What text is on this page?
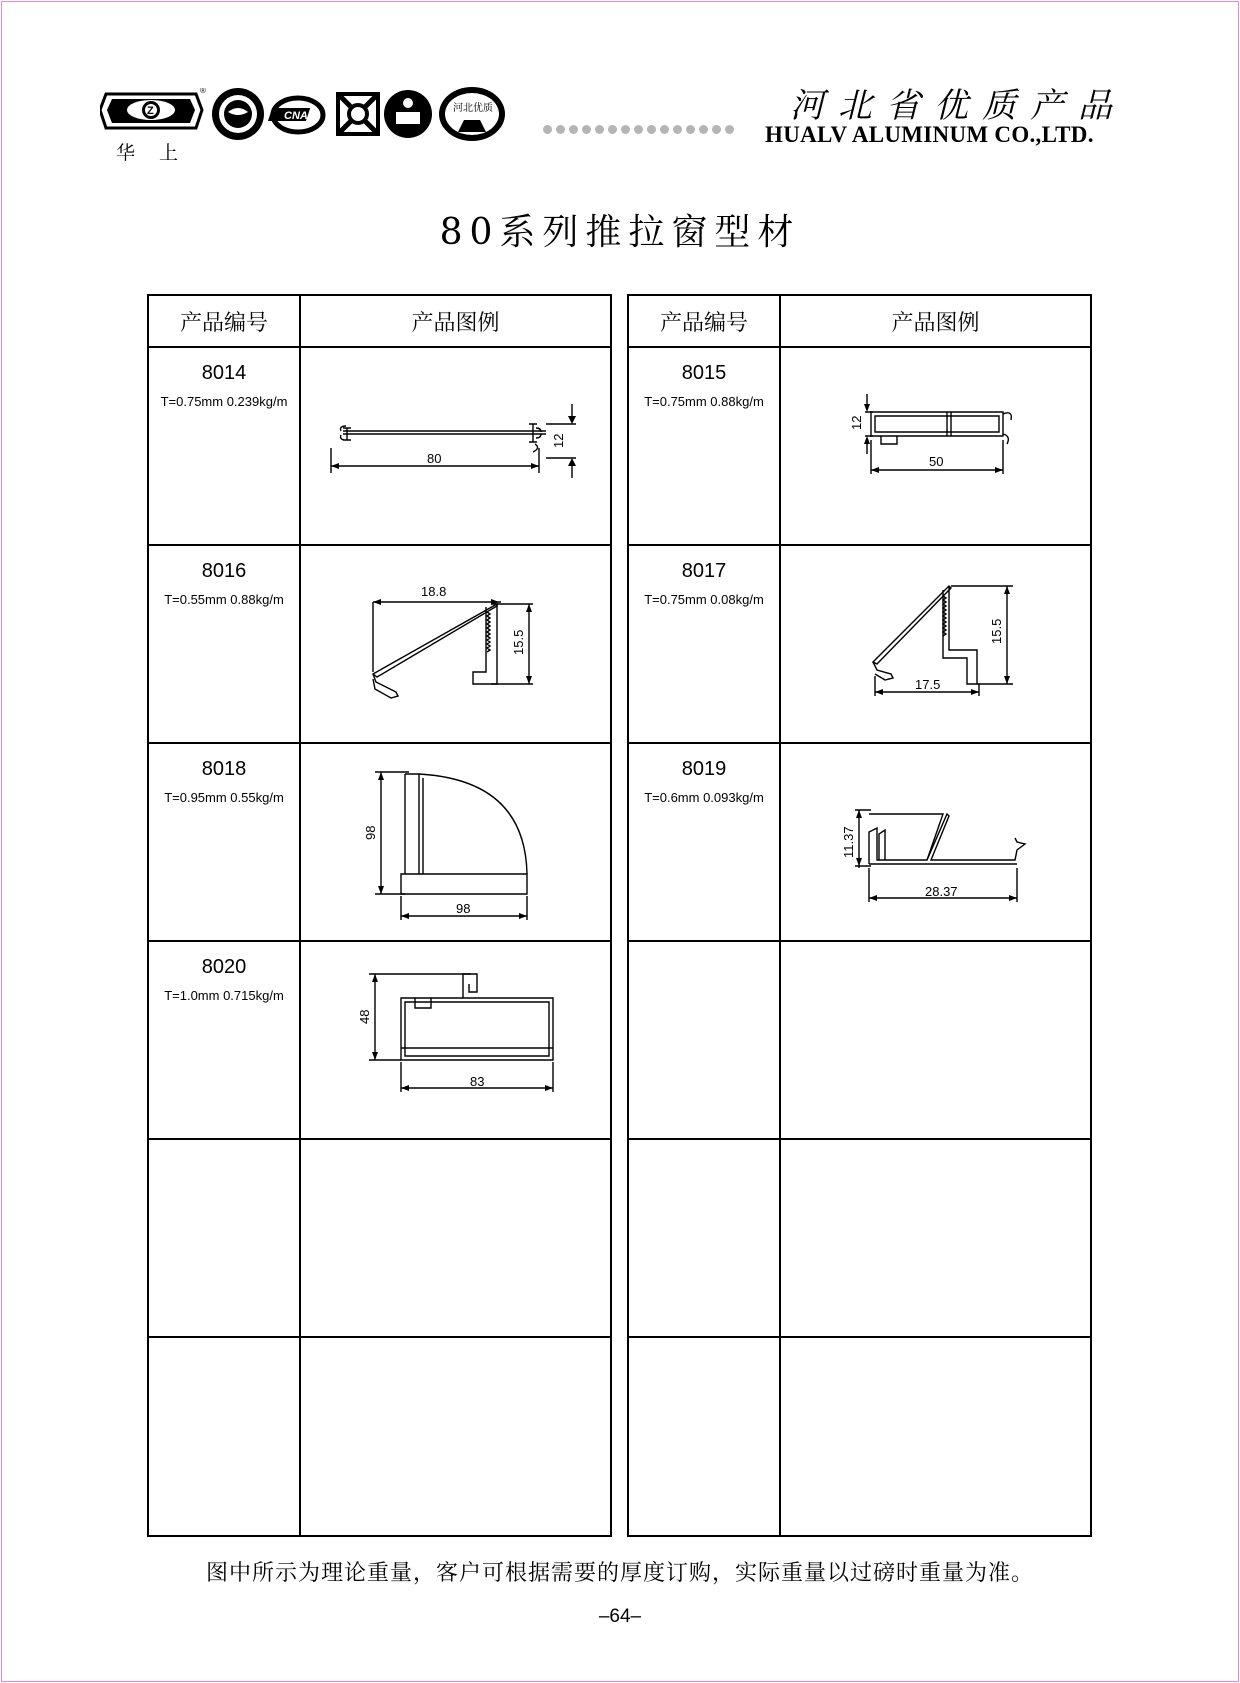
Z
®
华上
CNAS
河北优质	河北省优质产品
HUALV ALUMINUM CO.,LTD.
80系列推拉窗型材
产品编号	产品图例
8014
T=0.75mm 0.239kg/m
80
12
8016
T=0.55mm 0.88kg/m
18.8
15.5
8018
T=0.95mm 0.55kg/m
98
98
8020
T=1.0mm 0.715kg/m
48
83
产品编号	产品图例
8015
T=0.75mm 0.88kg/m
12
50
8017
T=0.75mm 0.08kg/m
15.5
17.5
8019
T=0.6mm 0.093kg/m
11.37
28.37
图中所示为理论重量，客户可根据需要的厚度订购，实际重量以过磅时重量为准。
–64–
